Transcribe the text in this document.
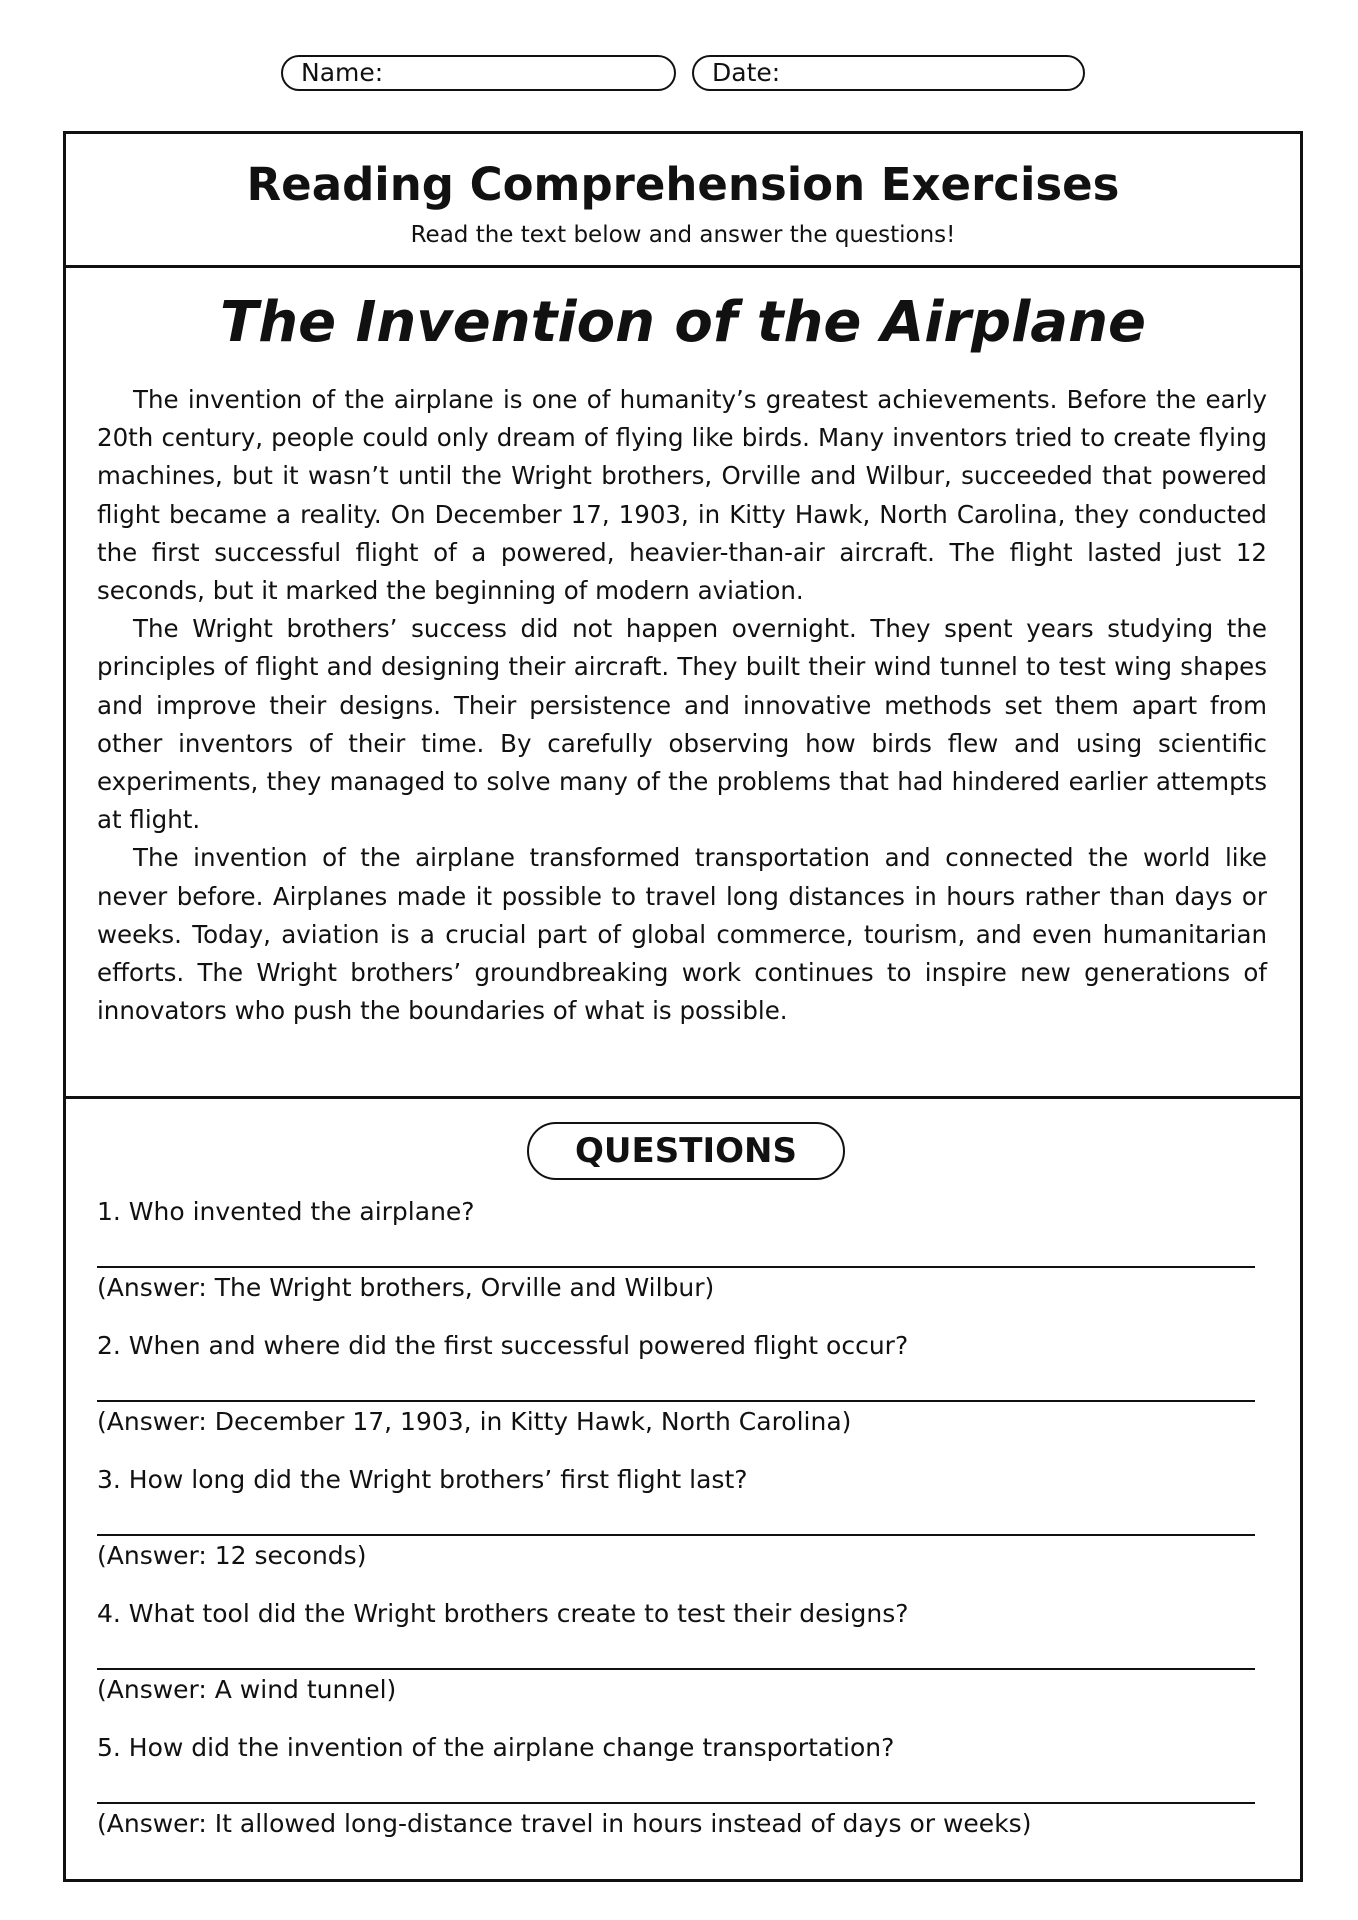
Name:	Date:
Reading Comprehension Exercises
Read the text below and answer the questions!
The Invention of the Airplane

The invention of the airplane is one of humanity’s greatest achievements. Before the early 20th century, people could only dream of flying like birds. Many inventors tried to create flying machines, but it wasn’t until the Wright brothers, Orville and Wilbur, succeeded that powered flight became a reality. On December 17, 1903, in Kitty Hawk, North Carolina, they conducted the first successful flight of a powered, heavier-than-air aircraft. The flight lasted just 12 seconds, but it marked the beginning of modern aviation.

The Wright brothers’ success did not happen overnight. They spent years studying the principles of flight and designing their aircraft. They built their wind tunnel to test wing shapes and improve their designs. Their persistence and innovative methods set them apart from other inventors of their time. By carefully observing how birds flew and using scientific experiments, they managed to solve many of the problems that had hindered earlier attempts at flight.

The invention of the airplane transformed transportation and connected the world like never before. Airplanes made it possible to travel long distances in hours rather than days or weeks. Today, aviation is a crucial part of global commerce, tourism, and even humanitarian efforts. The Wright brothers’ groundbreaking work continues to inspire new generations of innovators who push the boundaries of what is possible.

QUESTIONS
1. Who invented the airplane?
(Answer: The Wright brothers, Orville and Wilbur)
2. When and where did the first successful powered flight occur?
(Answer: December 17, 1903, in Kitty Hawk, North Carolina)
3. How long did the Wright brothers’ first flight last?
(Answer: 12 seconds)
4. What tool did the Wright brothers create to test their designs?
(Answer: A wind tunnel)
5. How did the invention of the airplane change transportation?
(Answer: It allowed long-distance travel in hours instead of days or weeks)
